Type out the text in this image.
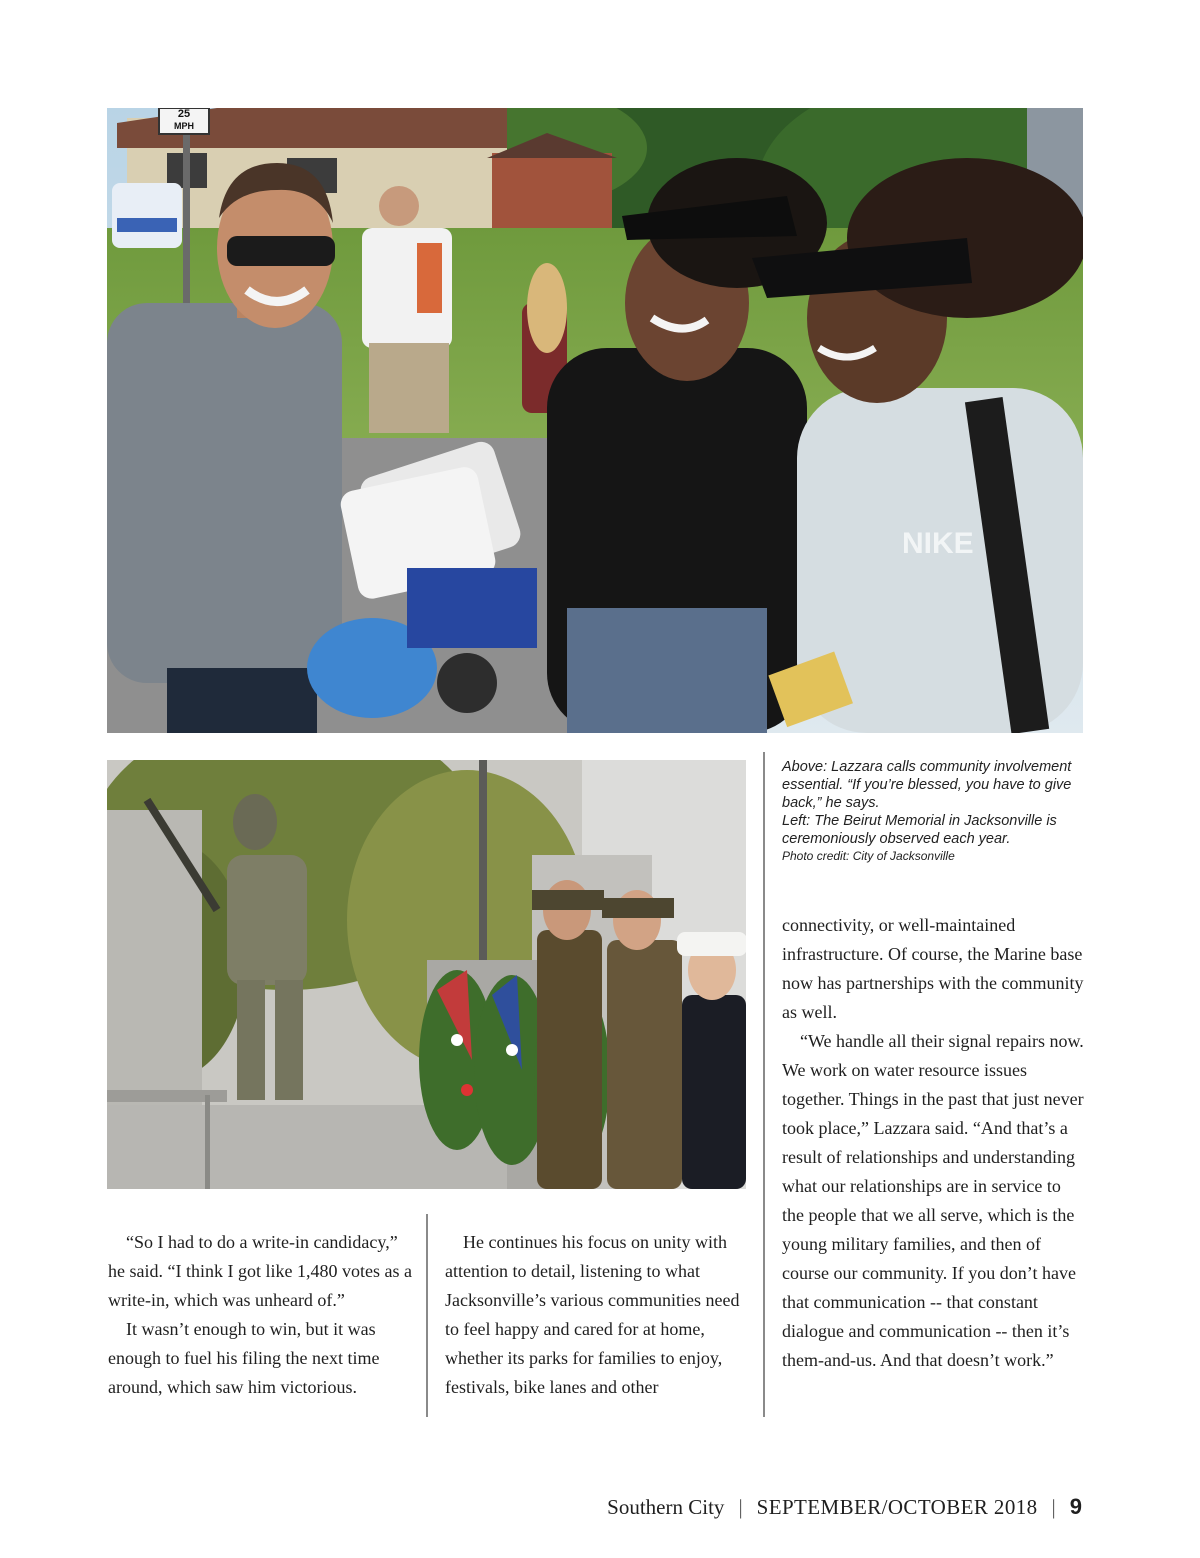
25
MPH
NIKE

Above: Lazzara calls community involvement essential. “If you’re blessed, you have to give back,” he says.

Left: The Beirut Memorial in Jacksonville is ceremoniously observed each year.

Photo credit: City of Jacksonville

“So I had to do a write-in candidacy,” he said. “I think I got like 1,480 votes as a write-in, which was unheard of.”

It wasn’t enough to win, but it was enough to fuel his filing the next time around, which saw him victorious.

He continues his focus on unity with attention to detail, listening to what Jacksonville’s various communities need to feel happy and cared for at home, whether its parks for families to enjoy, festivals, bike lanes and other

connectivity, or well-maintained infrastructure. Of course, the Marine base now has partnerships with the community as well.

“We handle all their signal repairs now. We work on water resource issues together. Things in the past that just never took place,” Lazzara said. “And that’s a result of relationships and understanding what our relationships are in service to the people that we all serve, which is the young military families, and then of course our community. If you don’t have that communication -- that constant dialogue and communication -- then it’s them-and-us. And that doesn’t work.”

Southern City | SEPTEMBER/OCTOBER 2018 | 9
